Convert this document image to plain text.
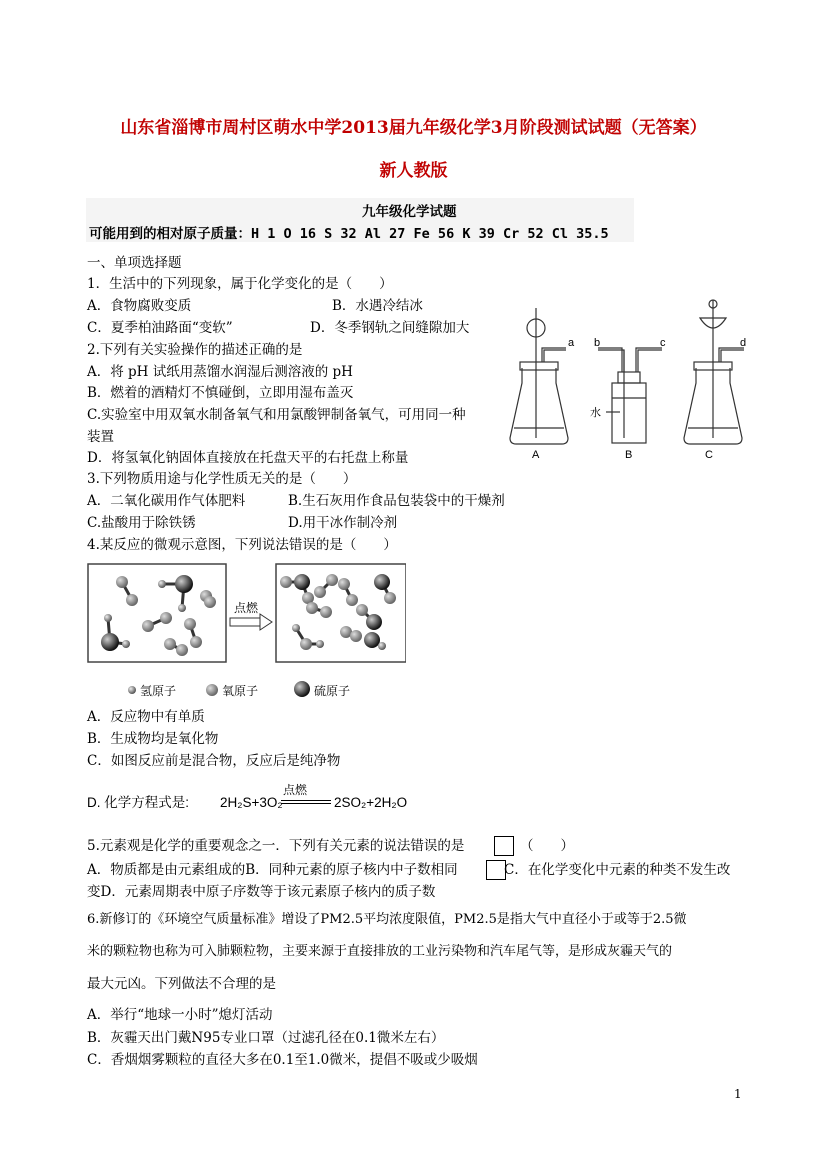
山东省淄博市周村区萌水中学2013届九年级化学3月阶段测试试题（无答案）
新人教版
九年级化学试题
可能用到的相对原子质量：H 1 O 16 S 32 Al 27 Fe 56 K 39 Cr 52 Cl 35.5
一、单项选择题
1．生活中的下列现象，属于化学变化的是（　　）
A．食物腐败变质	B．水遇冷结冰
C．夏季柏油路面“变软”	D．冬季钢轨之间缝隙加大
2.下列有关实验操作的描述正确的是
A．将 pH 试纸用蒸馏水润湿后测溶液的 pH
B．燃着的酒精灯不慎碰倒，立即用湿布盖灭
C.实验室中用双氧水制备氧气和用氯酸钾制备氧气，可用同一种
装置
D．将氢氧化钠固体直接放在托盘天平的右托盘上称量
a b	c	d
水
A	B	C
3.下列物质用途与化学性质无关的是（　　）
A．二氧化碳用作气体肥料	B.生石灰用作食品包装袋中的干燥剂
C.盐酸用于除铁锈	D.用干冰作制冷剂
4.某反应的微观示意图，下列说法错误的是（　　）
点燃
氢原子	氧原子	硫原子
A．反应物中有单质
B．生成物均是氧化物
C．如图反应前是混合物，反应后是纯净物
D. 化学方程式是: 2H₂S+3O₂
点燃
2SO₂+2H₂O
5.元素观是化学的重要观念之一．下列有关元素的说法错误的是	（　　）
A．物质都是由元素组成的B．同种元素的原子核内中子数相同	C．在化学变化中元素的种类不发生改
变D．元素周期表中原子序数等于该元素原子核内的质子数
6.新修订的《环境空气质量标准》增设了PM2.5平均浓度限值，PM2.5是指大气中直径小于或等于2.5微
米的颗粒物也称为可入肺颗粒物，主要来源于直接排放的工业污染物和汽车尾气等，是形成灰霾天气的
最大元凶。下列做法不合理的是
A．举行“地球一小时”熄灯活动
B．灰霾天出门戴N95专业口罩（过滤孔径在0.1微米左右）
C．香烟烟雾颗粒的直径大多在0.1至1.0微米，提倡不吸或少吸烟
1
